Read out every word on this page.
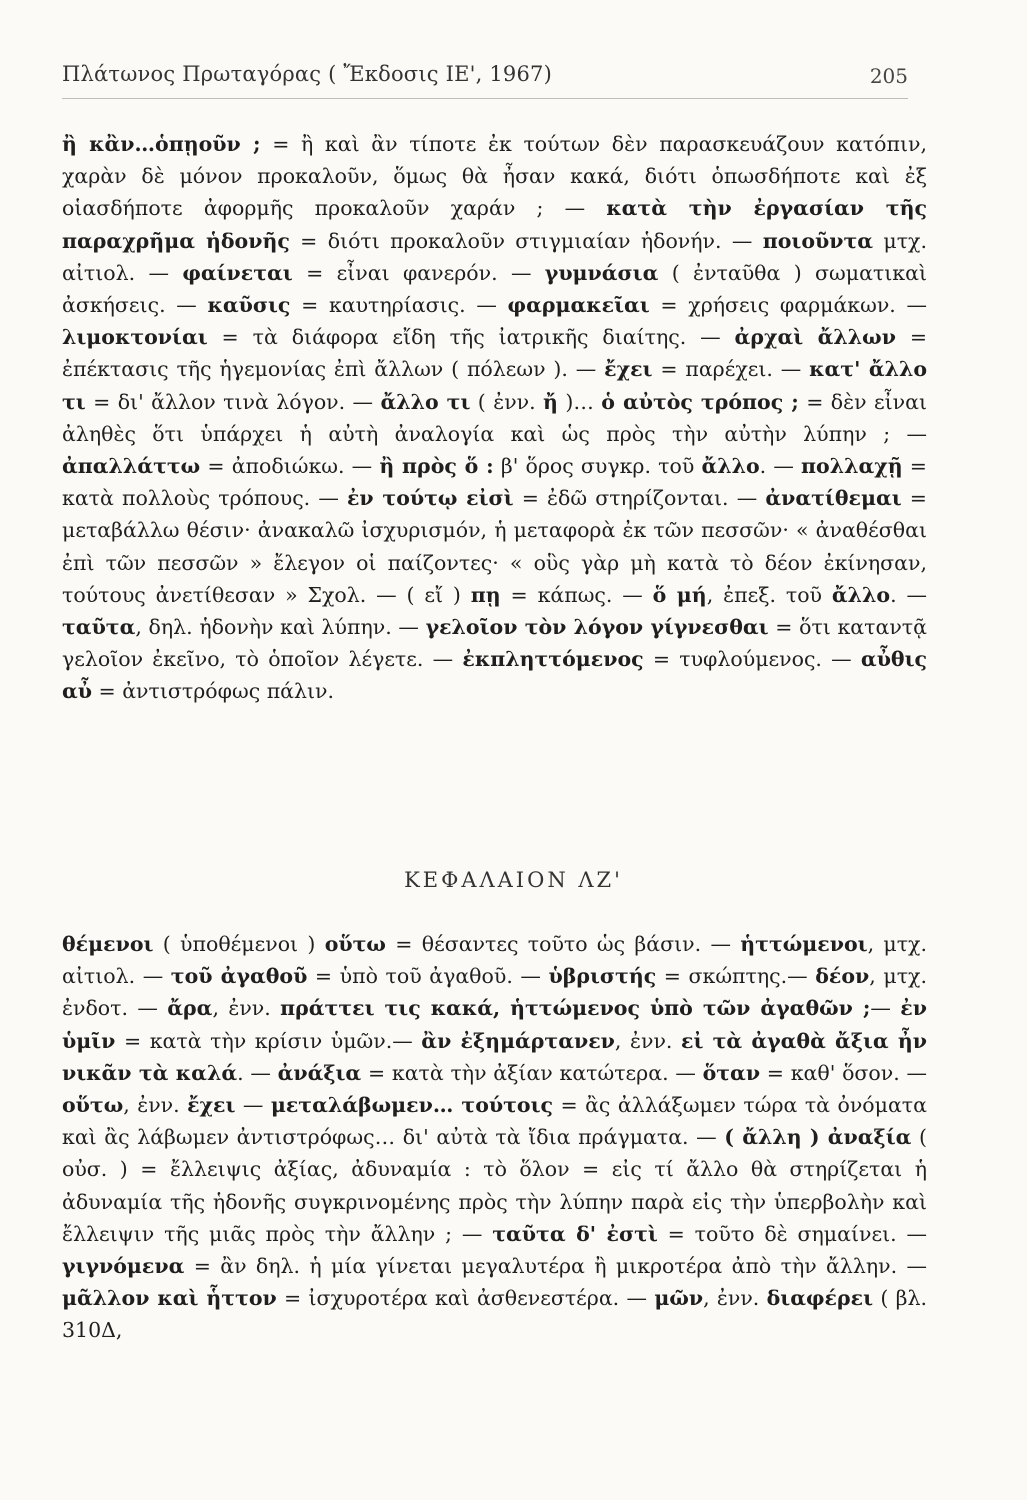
Πλάτωνος Πρωταγόρας ( Ἔκδοσις ΙΕ', 1967)	205

ἢ κἂν…ὁπῃοῦν ; = ἢ καὶ ἂν τίποτε ἐκ τούτων δὲν παρασκευάζουν κατόπιν, χαρὰν δὲ μόνον προκαλοῦν, ὅμως θὰ ἦσαν κακά, διότι ὁπωσδήποτε καὶ ἐξ οἱασδήποτε ἀφορμῆς προκαλοῦν χαράν ; — κατὰ τὴν ἐργασίαν τῆς παραχρῆμα ἡδονῆς = διότι προκαλοῦν στιγμιαίαν ἡδονήν. — ποιοῦντα μτχ. αἰτιολ. — φαίνεται = εἶναι φανερόν. — γυμνάσια ( ἐνταῦθα ) σωματικαὶ ἀσκήσεις. — καῦσις = καυτηρίασις. — φαρμακεῖαι = χρήσεις φαρμάκων. — λιμοκτονίαι = τὰ διάφορα εἴδη τῆς ἰατρικῆς διαίτης. — ἀρχαὶ ἄλλων = ἐπέκτασις τῆς ἡγεμονίας ἐπὶ ἄλλων ( πόλεων ). — ἔχει = παρέχει. — κατ' ἄλλο τι = δι' ἄλλον τινὰ λόγον. — ἄλλο τι ( ἐνν. ἤ )… ὁ αὐτὸς τρόπος ; = δὲν εἶναι ἀληθὲς ὅτι ὑπάρχει ἡ αὐτὴ ἀναλογία καὶ ὡς πρὸς τὴν αὐτὴν λύπην ; — ἀπαλλάττω = ἀποδιώκω. — ἢ πρὸς ὅ : β' ὅρος συγκρ. τοῦ ἄλλο. — πολλαχῇ = κατὰ πολλοὺς τρόπους. — ἐν τούτῳ εἰσὶ = ἐδῶ στηρίζονται. — ἀνατίθεμαι = μεταβάλλω θέσιν· ἀνακαλῶ ἰσχυρισμόν, ἡ μεταφορὰ ἐκ τῶν πεσσῶν· « ἀναθέσθαι ἐπὶ τῶν πεσσῶν » ἔλεγον οἱ παίζοντες· « οὓς γὰρ μὴ κατὰ τὸ δέον ἐκίνησαν, τούτους ἀνετίθεσαν » Σχολ. — ( εἴ ) πῃ = κάπως. — ὅ μή, ἐπεξ. τοῦ ἄλλο. — ταῦτα, δηλ. ἡδονὴν καὶ λύπην. — γελοῖον τὸν λόγον γίγνεσθαι = ὅτι καταντᾷ γελοῖον ἐκεῖνο, τὸ ὁποῖον λέγετε. — ἐκπληττόμενος = τυφλούμενος. — αὖθις αὖ = ἀντιστρόφως πάλιν.

ΚΕΦΑΛΑΙΟΝ ΛΖ'

θέμενοι ( ὑποθέμενοι ) οὕτω = θέσαντες τοῦτο ὡς βάσιν. — ἡττώμενοι, μτχ. αἰτιολ. — τοῦ ἀγαθοῦ = ὑπὸ τοῦ ἀγαθοῦ. — ὑβριστής = σκώπτης.— δέον, μτχ. ἐνδοτ. — ἄρα, ἐνν. πράττει τις κακά, ἡττώμενος ὑπὸ τῶν ἀγαθῶν ;— ἐν ὑμῖν = κατὰ τὴν κρίσιν ὑμῶν.— ἂν ἐξημάρτανεν, ἐνν. εἰ τὰ ἀγαθὰ ἄξια ἦν νικᾶν τὰ καλά. — ἀνάξια = κατὰ τὴν ἀξίαν κατώτερα. — ὅταν = καθ' ὅσον. — οὕτω, ἐνν. ἔχει — μεταλάβωμεν… τούτοις = ἂς ἀλλάξωμεν τώρα τὰ ὀνόματα καὶ ἂς λάβωμεν ἀντιστρόφως… δι' αὐτὰ τὰ ἴδια πράγματα. — ( ἄλλη ) ἀναξία ( οὐσ. ) = ἔλλειψις ἀξίας, ἀδυναμία : τὸ ὅλον = εἰς τί ἄλλο θὰ στηρίζεται ἡ ἀδυναμία τῆς ἡδονῆς συγκρινομένης πρὸς τὴν λύπην παρὰ εἰς τὴν ὑπερβολὴν καὶ ἔλλειψιν τῆς μιᾶς πρὸς τὴν ἄλλην ; — ταῦτα δ' ἐστὶ = τοῦτο δὲ σημαίνει. — γιγνόμενα = ἂν δηλ. ἡ μία γίνεται μεγαλυτέρα ἢ μικροτέρα ἀπὸ τὴν ἄλλην. — μᾶλλον καὶ ἧττον = ἰσχυροτέρα καὶ ἀσθενεστέρα. — μῶν, ἐνν. διαφέρει ( βλ. 310Δ,
